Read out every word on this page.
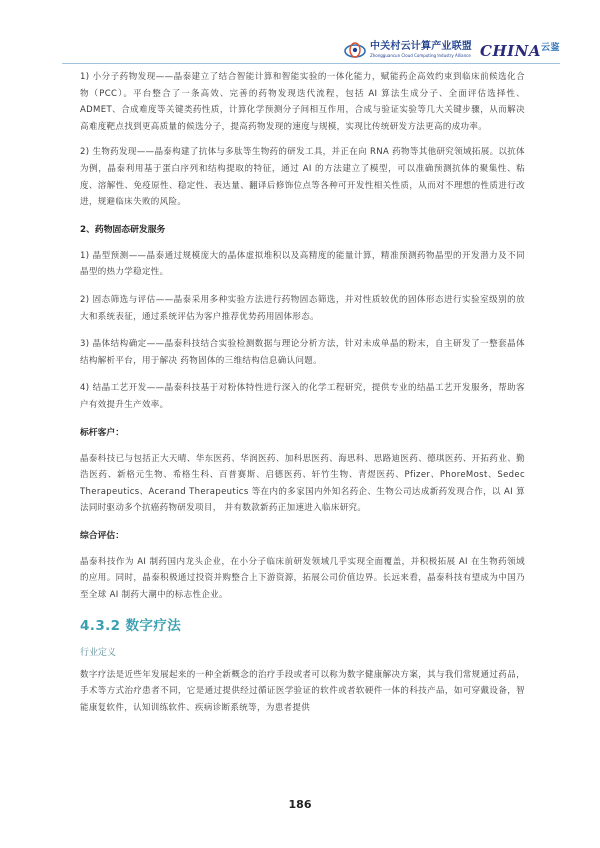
中关村云计算产业联盟
Zhongguancun Cloud Computing Industry Alliance $CHINA^{云鉴}$

1) 小分子药物发现——晶泰建立了结合智能计算和智能实验的一体化能力，赋能药企高效约束到临床前候选化合物（PCC）。平台整合了一条高效、完善的药物发现迭代流程，包括 AI 算法生成分子、全面评估选择性、ADMET、合成难度等关键类药性质，计算化学预测分子间相互作用，合成与验证实验等几大关键步骤，从而解决高难度靶点找到更高质量的候选分子，提高药物发现的速度与规模，实现比传统研发方法更高的成功率。

2) 生物药发现——晶泰构建了抗体与多肽等生物药的研发工具，并正在向 RNA 药物等其他研究领域拓展。以抗体为例，晶泰利用基于蛋白序列和结构提取的特征，通过 AI 的方法建立了模型，可以准确预测抗体的聚集性、粘度、溶解性、免疫原性、稳定性、表达量、翻译后修饰位点等各种可开发性相关性质，从而对不理想的性质进行改进，规避临床失败的风险。

2、药物固态研发服务

1) 晶型预测——晶泰通过规模庞大的晶体虚拟堆积以及高精度的能量计算，精准预测药物晶型的开发潜力及不同晶型的热力学稳定性。

2) 固态筛选与评估——晶泰采用多种实验方法进行药物固态筛选，并对性质较优的固体形态进行实验室级别的放大和系统表征，通过系统评估为客户推荐优势药用固体形态。

3) 晶体结构确定——晶泰科技结合实验检测数据与理论分析方法，针对未成单晶的粉末，自主研发了一整套晶体结构解析平台，用于解决 药物固体的三维结构信息确认问题。

4) 结晶工艺开发——晶泰科技基于对粉体特性进行深入的化学工程研究，提供专业的结晶工艺开发服务，帮助客户有效提升生产效率。

标杆客户：

晶泰科技已与包括正大天晴、华东医药、华润医药、加科思医药、海思科、思路迪医药、德琪医药、开拓药业、勤浩医药、新格元生物、希格生科、百普赛斯、启德医药、轩竹生物、青煜医药、Pfizer、PhoreMost、Sedec Therapeutics、Acerand Therapeutics 等在内的多家国内外知名药企、生物公司达成新药发现合作，以 AI 算法同时驱动多个抗癌药物研发项目， 并有数款新药正加速进入临床研究。

综合评估：

晶泰科技作为 AI 制药国内龙头企业，在小分子临床前研发领域几乎实现全面覆盖，并积极拓展 AI 在生物药领域的应用。同时，晶泰积极通过投资并购整合上下游资源，拓展公司价值边界。长远来看，晶泰科技有望成为中国乃至全球 AI 制药大潮中的标志性企业。

4.3.2 数字疗法

行业定义

数字疗法是近些年发展起来的一种全新概念的治疗手段或者可以称为数字健康解决方案，其与我们常规通过药品，手术等方式治疗患者不同，它是通过提供经过循证医学验证的软件或者软硬件一体的科技产品，如可穿戴设备，智能康复软件，认知训练软件、疾病诊断系统等，为患者提供

186
